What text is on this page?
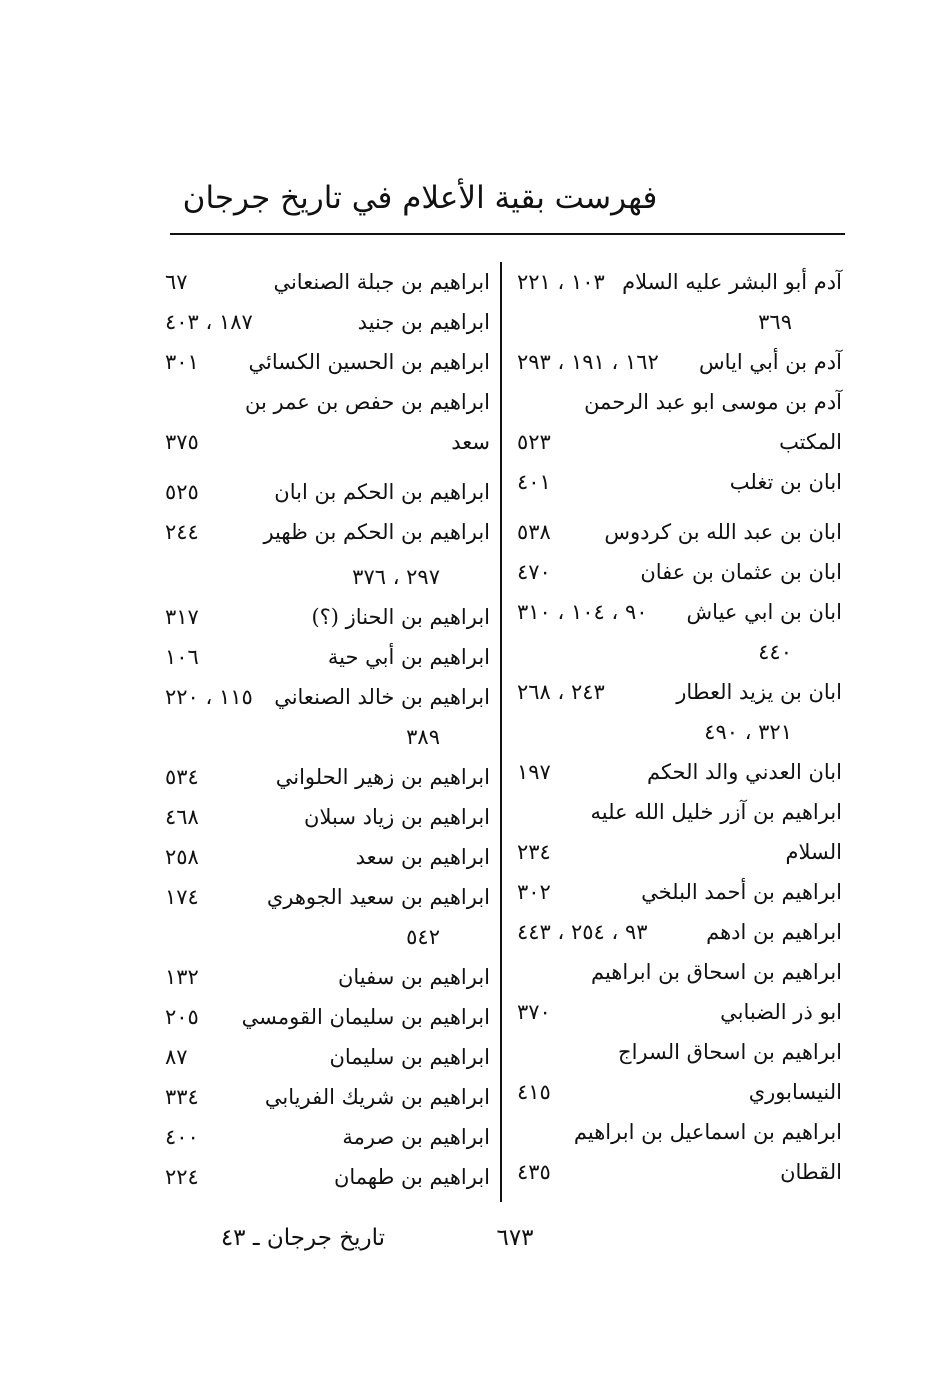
فهرست بقية الأعلام في تاريخ جرجان
آدم أبو البشر عليه السلام
١٠٣ ، ٢٢١
٣٦٩
آدم بن أبي اياس
١٦٢ ، ١٩١ ، ٢٩٣
آدم بن موسى ابو عبد الرحمن
المكتب
٥٢٣
ابان بن تغلب
٤٠١
ابان بن عبد الله بن كردوس
٥٣٨
ابان بن عثمان بن عفان
٤٧٠
ابان بن ابي عياش
٩٠ ، ١٠٤ ، ٣١٠
٤٤٠
ابان بن يزيد العطار
٢٤٣ ، ٢٦٨
٣٢١ ، ٤٩٠
ابان العدني والد الحكم
١٩٧
ابراهيم بن آزر خليل الله عليه
السلام
٢٣٤
ابراهيم بن أحمد البلخي
٣٠٢
ابراهيم بن ادهم
٩٣ ، ٢٥٤ ، ٤٤٣
ابراهيم بن اسحاق بن ابراهيم
ابو ذر الضبابي
٣٧٠
ابراهيم بن اسحاق السراج
النيسابوري
٤١٥
ابراهيم بن اسماعيل بن ابراهيم
القطان
٤٣٥
ابراهيم بن جبلة الصنعاني
٦٧
ابراهيم بن جنيد
١٨٧ ، ٤٠٣
ابراهيم بن الحسين الكسائي
٣٠١
ابراهيم بن حفص بن عمر بن
سعد
٣٧٥
ابراهيم بن الحكم بن ابان
٥٢٥
ابراهيم بن الحكم بن ظهير
٢٤٤
٢٩٧ ، ٣٧٦
ابراهيم بن الحناز (؟)
٣١٧
ابراهيم بن أبي حية
١٠٦
ابراهيم بن خالد الصنعاني
١١٥ ، ٢٢٠
٣٨٩
ابراهيم بن زهير الحلواني
٥٣٤
ابراهيم بن زياد سبلان
٤٦٨
ابراهيم بن سعد
٢٥٨
ابراهيم بن سعيد الجوهري
١٧٤
٥٤٢
ابراهيم بن سفيان
١٣٢
ابراهيم بن سليمان القومسي
٢٠٥
ابراهيم بن سليمان
٨٧
ابراهيم بن شريك الفريابي
٣٣٤
ابراهيم بن صرمة
٤٠٠
ابراهيم بن طهمان
٢٢٤
٦٧٣
تاريخ جرجان ـ ٤٣
